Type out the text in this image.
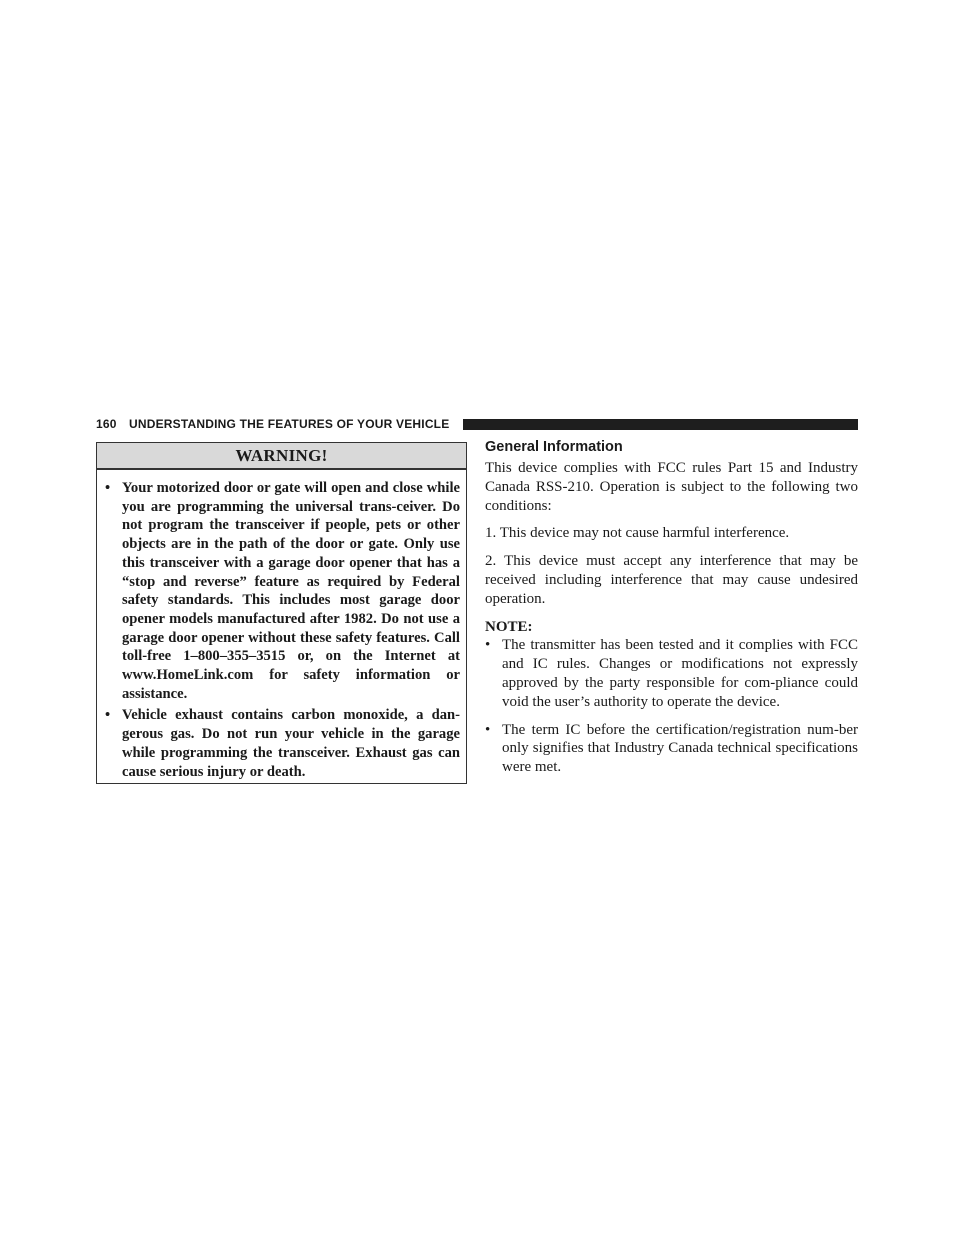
160 UNDERSTANDING THE FEATURES OF YOUR VEHICLE
WARNING!
• Your motorized door or gate will open and close while you are programming the universal trans-ceiver. Do not program the transceiver if people, pets or other objects are in the path of the door or gate. Only use this transceiver with a garage door opener that has a “stop and reverse” feature as required by Federal safety standards. This includes most garage door opener models manufactured after 1982. Do not use a garage door opener without these safety features. Call toll-free 1–800–355–3515 or, on the Internet at www.HomeLink.com for safety information or assistance.
• Vehicle exhaust contains carbon monoxide, a dan-gerous gas. Do not run your vehicle in the garage while programming the transceiver. Exhaust gas can cause serious injury or death.
General Information

This device complies with FCC rules Part 15 and Industry Canada RSS-210. Operation is subject to the following two conditions:

1. This device may not cause harmful interference.

2. This device must accept any interference that may be received including interference that may cause undesired operation.

NOTE:

• The transmitter has been tested and it complies with FCC and IC rules. Changes or modifications not expressly approved by the party responsible for com-pliance could void the user’s authority to operate the device.
• The term IC before the certification/registration num-ber only signifies that Industry Canada technical specifications were met.
